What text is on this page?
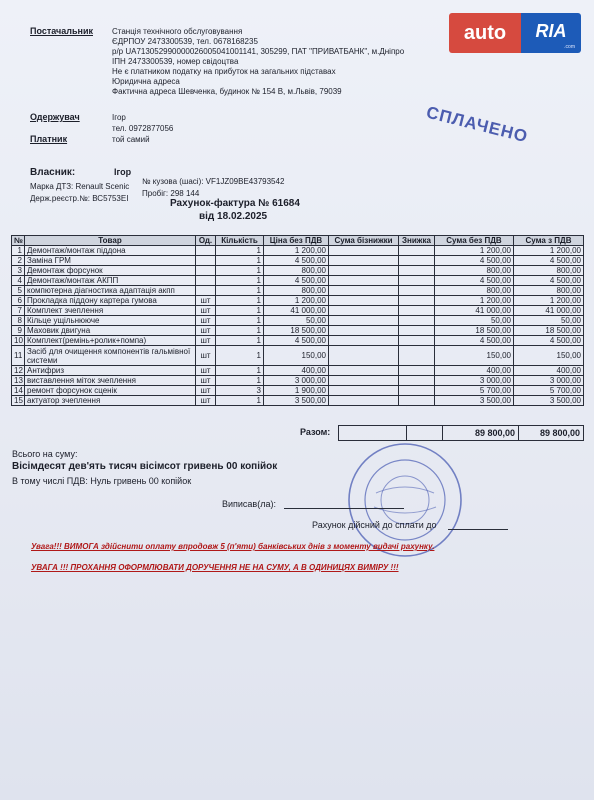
auto	RIA
.com
Постачальник Станція технічного обслуговування
ЄДРПОУ 2473300539, тел. 0678168235
р/р UA713052990000026005041001141, 305299, ПАТ "ПРИВАТБАНК", м.Дніпро
ІПН 2473300539, номер свідоцтва
Не є платником податку на прибуток на загальних підставах
Юридична адреса
Фактична адреса Шевченка, будинок № 154 В, м.Львів, 79039
Одержувач	Ігор
тел. 0972877056
Платник	той самий	СПЛАЧЕНО
Власник:	Ігор
Марка ДТЗ: Renault Scenic
№ кузова (шасі): VF1JZ09BE43793542
Держ.реєстр.№: ВС5753ЕІ
Пробіг: 298 144
Рахунок-фактура № 61684
від 18.02.2025
№	Товар	Од.	Кількість	Ціна без ПДВ	Сума бізнижки	Знижка	Сума без ПДВ	Сума з ПДВ
1	Демонтаж/монтаж піддона		1	1 200,00			1 200,00	1 200,00
2	Заміна ГРМ		1	4 500,00			4 500,00	4 500,00
3	Демонтаж форсунок		1	800,00			800,00	800,00
4	Демонтаж/монтаж АКПП		1	4 500,00			4 500,00	4 500,00
5	компютерна діагностика адаптація акпп		1	800,00			800,00	800,00
6	Прокладка піддону картера гумова	шт	1	1 200,00			1 200,00	1 200,00
7	Комплект зчеплення	шт	1	41 000,00			41 000,00	41 000,00
8	Кільце ущільнююче	шт	1	50,00			50,00	50,00
9	Маховик двигуна	шт	1	18 500,00			18 500,00	18 500,00
10	Комплект(ремінь+ролик+помпа)	шт	1	4 500,00			4 500,00	4 500,00
11	Засіб для очищення компонентів гальмівної системи	шт	1	150,00			150,00	150,00
12	Антифриз	шт	1	400,00			400,00	400,00
13	виставлення міток зчеплення	шт	1	3 000,00			3 000,00	3 000,00
14	ремонт форсунок сценік	шт	3	1 900,00			5 700,00	5 700,00
15	актуатор зчеплення	шт	1	3 500,00			3 500,00	3 500,00
Разом:	89 800,00	89 800,00
Всього на суму:
Вісімдесят дев'ять тисяч вісімсот гривень 00 копійок
В тому числі ПДВ: Нуль гривень 00 копійок
Виписав(ла):
Рахунок дійсний до сплати до
Увага!!! ВИМОГА здійснити оплату впродовж 5 (п'яти) банківських днів з моменту видачі рахунку.
УВАГА !!! ПРОХАННЯ ОФОРМЛЮВАТИ ДОРУЧЕННЯ НЕ НА СУМУ, А В ОДИНИЦЯХ ВИМІРУ !!!
